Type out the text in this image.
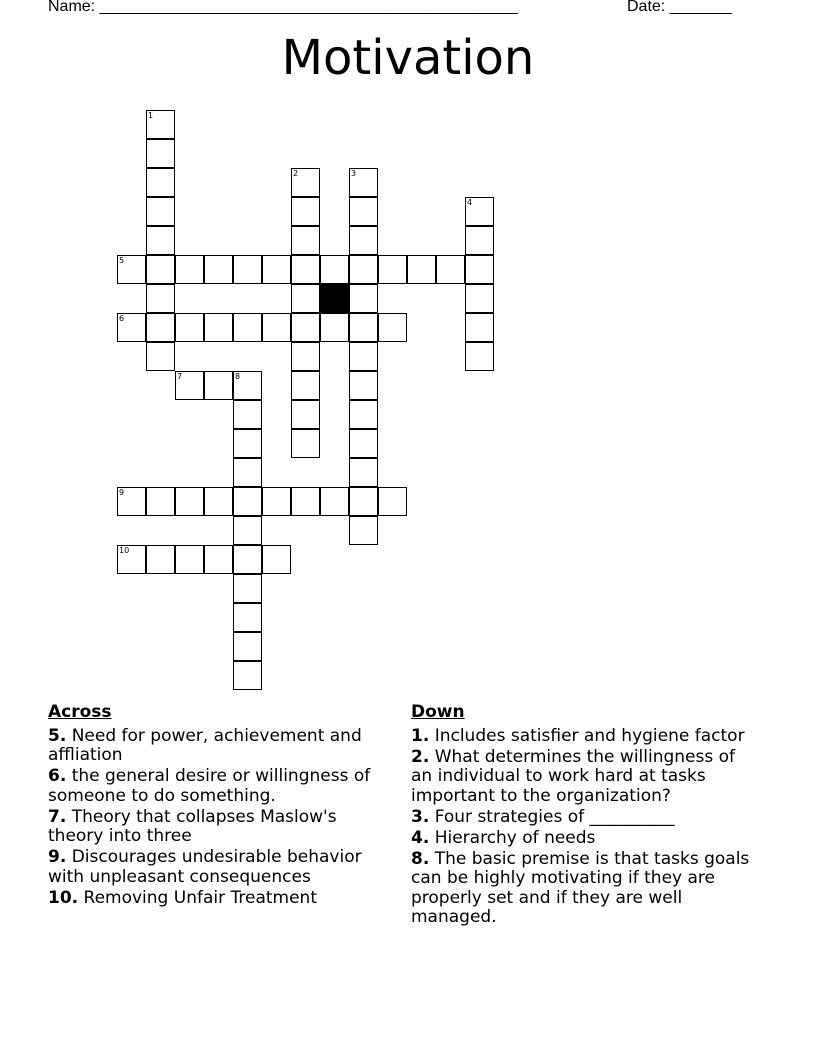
Name: _______________________________________________	Date: _______
Motivation
1
2	3
4
5
6
7	8
9
10
Across
5. Need for power, achievement and affliation
6. the general desire or willingness of someone to do something.
7. Theory that collapses Maslow's theory into three
9. Discourages undesirable behavior with unpleasant consequences
10. Removing Unfair Treatment
Down
1. Includes satisfier and hygiene factor
2. What determines the willingness of an individual to work hard at tasks important to the organization?
3. Four strategies of __________
4. Hierarchy of needs
8. The basic premise is that tasks goals can be highly motivating if they are properly set and if they are well managed.
